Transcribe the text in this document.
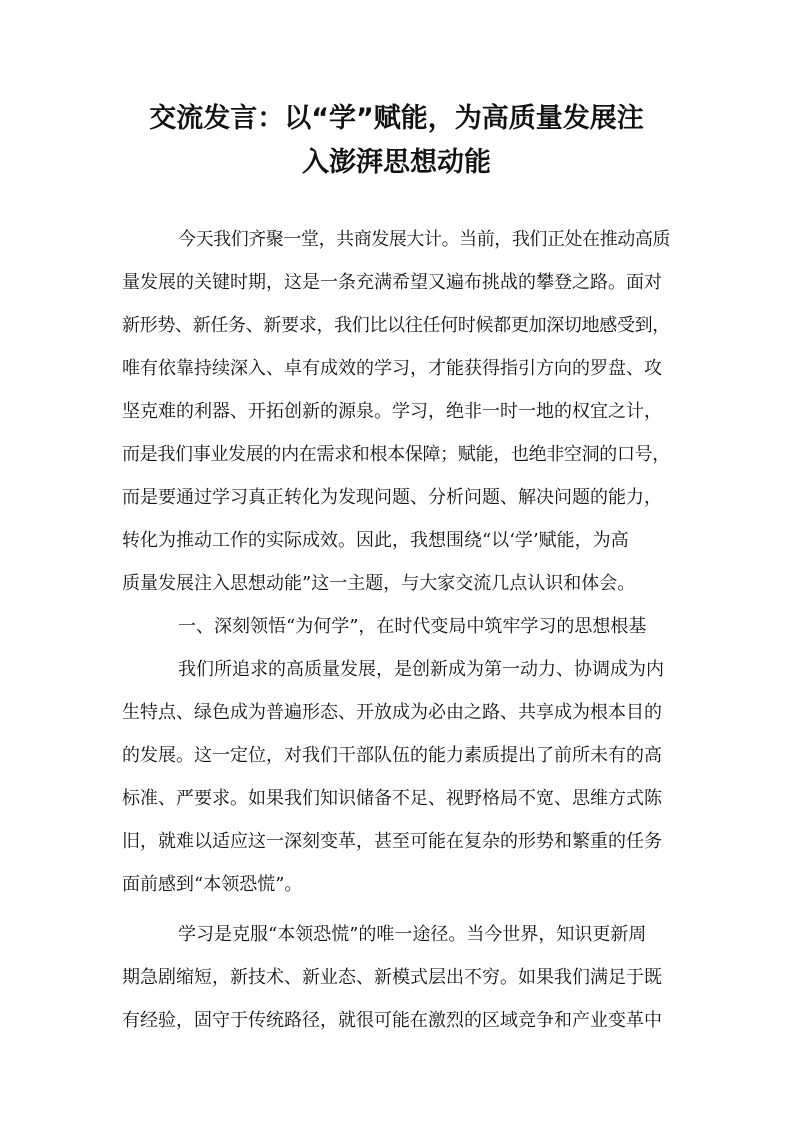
交流发言：以“学”赋能，为高质量发展注
入澎湃思想动能
今天我们齐聚一堂，共商发展大计。当前，我们正处在推动高质
量发展的关键时期，这是一条充满希望又遍布挑战的攀登之路。面对
新形势、新任务、新要求，我们比以往任何时候都更加深切地感受到，
唯有依靠持续深入、卓有成效的学习，才能获得指引方向的罗盘、攻
坚克难的利器、开拓创新的源泉。学习，绝非一时一地的权宜之计，
而是我们事业发展的内在需求和根本保障；赋能，也绝非空洞的口号，
而是要通过学习真正转化为发现问题、分析问题、解决问题的能力，
转化为推动工作的实际成效。因此，我想围绕“以‘学’赋能，为高
质量发展注入思想动能”这一主题，与大家交流几点认识和体会。
一、深刻领悟“为何学”，在时代变局中筑牢学习的思想根基
我们所追求的高质量发展，是创新成为第一动力、协调成为内
生特点、绿色成为普遍形态、开放成为必由之路、共享成为根本目的
的发展。这一定位，对我们干部队伍的能力素质提出了前所未有的高
标准、严要求。如果我们知识储备不足、视野格局不宽、思维方式陈
旧，就难以适应这一深刻变革，甚至可能在复杂的形势和繁重的任务
面前感到“本领恐慌”。
学习是克服“本领恐慌”的唯一途径。当今世界，知识更新周
期急剧缩短，新技术、新业态、新模式层出不穷。如果我们满足于既
有经验，固守于传统路径，就很可能在激烈的区域竞争和产业变革中
